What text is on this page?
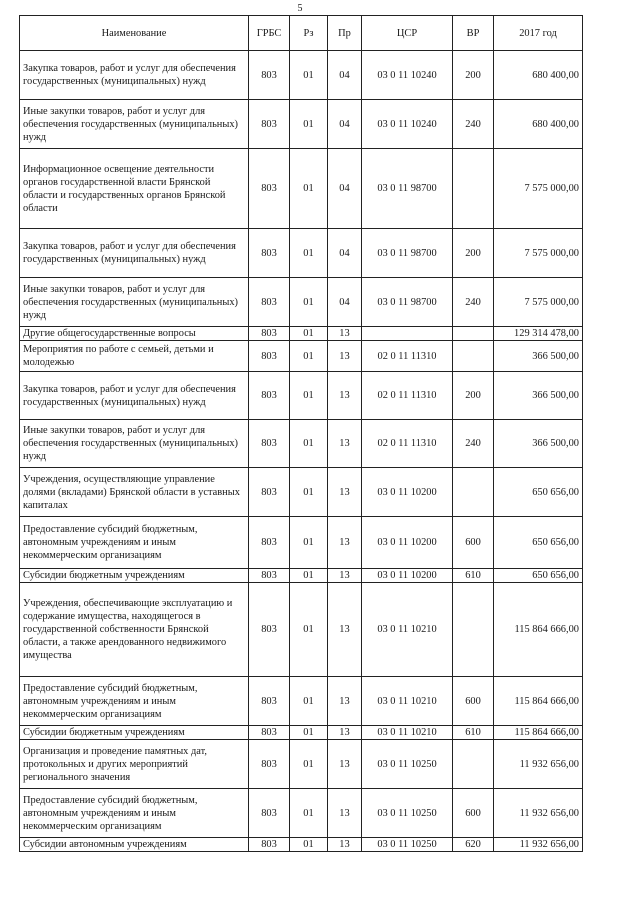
5
Наименование	ГРБС	Рз	Пр	ЦСР	ВР	2017 год
Закупка товаров, работ и услуг для обеспечения государственных (муниципальных) нужд	803	01	04	03 0 11 10240	200	680 400,00
Иные закупки товаров, работ и услуг для обеспечения государственных (муниципальных) нужд	803	01	04	03 0 11 10240	240	680 400,00
Информационное освещение деятельности органов государственной власти Брянской области и государственных органов Брянской области	803	01	04	03 0 11 98700		7 575 000,00
Закупка товаров, работ и услуг для обеспечения государственных (муниципальных) нужд	803	01	04	03 0 11 98700	200	7 575 000,00
Иные закупки товаров, работ и услуг для обеспечения государственных (муниципальных) нужд	803	01	04	03 0 11 98700	240	7 575 000,00
Другие общегосударственные вопросы	803	01	13			129 314 478,00
Мероприятия по работе с семьей, детьми и молодежью	803	01	13	02 0 11 11310		366 500,00
Закупка товаров, работ и услуг для обеспечения государственных (муниципальных) нужд	803	01	13	02 0 11 11310	200	366 500,00
Иные закупки товаров, работ и услуг для обеспечения государственных (муниципальных) нужд	803	01	13	02 0 11 11310	240	366 500,00
Учреждения, осуществляющие управление долями (вкладами) Брянской области в уставных капиталах	803	01	13	03 0 11 10200		650 656,00
Предоставление субсидий бюджетным, автономным учреждениям и иным некоммерческим организациям	803	01	13	03 0 11 10200	600	650 656,00
Субсидии бюджетным учреждениям	803	01	13	03 0 11 10200	610	650 656,00
Учреждения, обеспечивающие эксплуатацию и содержание имущества, находящегося в государственной собственности Брянской области, а также арендованного недвижимого имущества	803	01	13	03 0 11 10210		115 864 666,00
Предоставление субсидий бюджетным, автономным учреждениям и иным некоммерческим организациям	803	01	13	03 0 11 10210	600	115 864 666,00
Субсидии бюджетным учреждениям	803	01	13	03 0 11 10210	610	115 864 666,00
Организация и проведение памятных дат, протокольных и других мероприятий регионального значения	803	01	13	03 0 11 10250		11 932 656,00
Предоставление субсидий бюджетным, автономным учреждениям и иным некоммерческим организациям	803	01	13	03 0 11 10250	600	11 932 656,00
Субсидии автономным учреждениям	803	01	13	03 0 11 10250	620	11 932 656,00
